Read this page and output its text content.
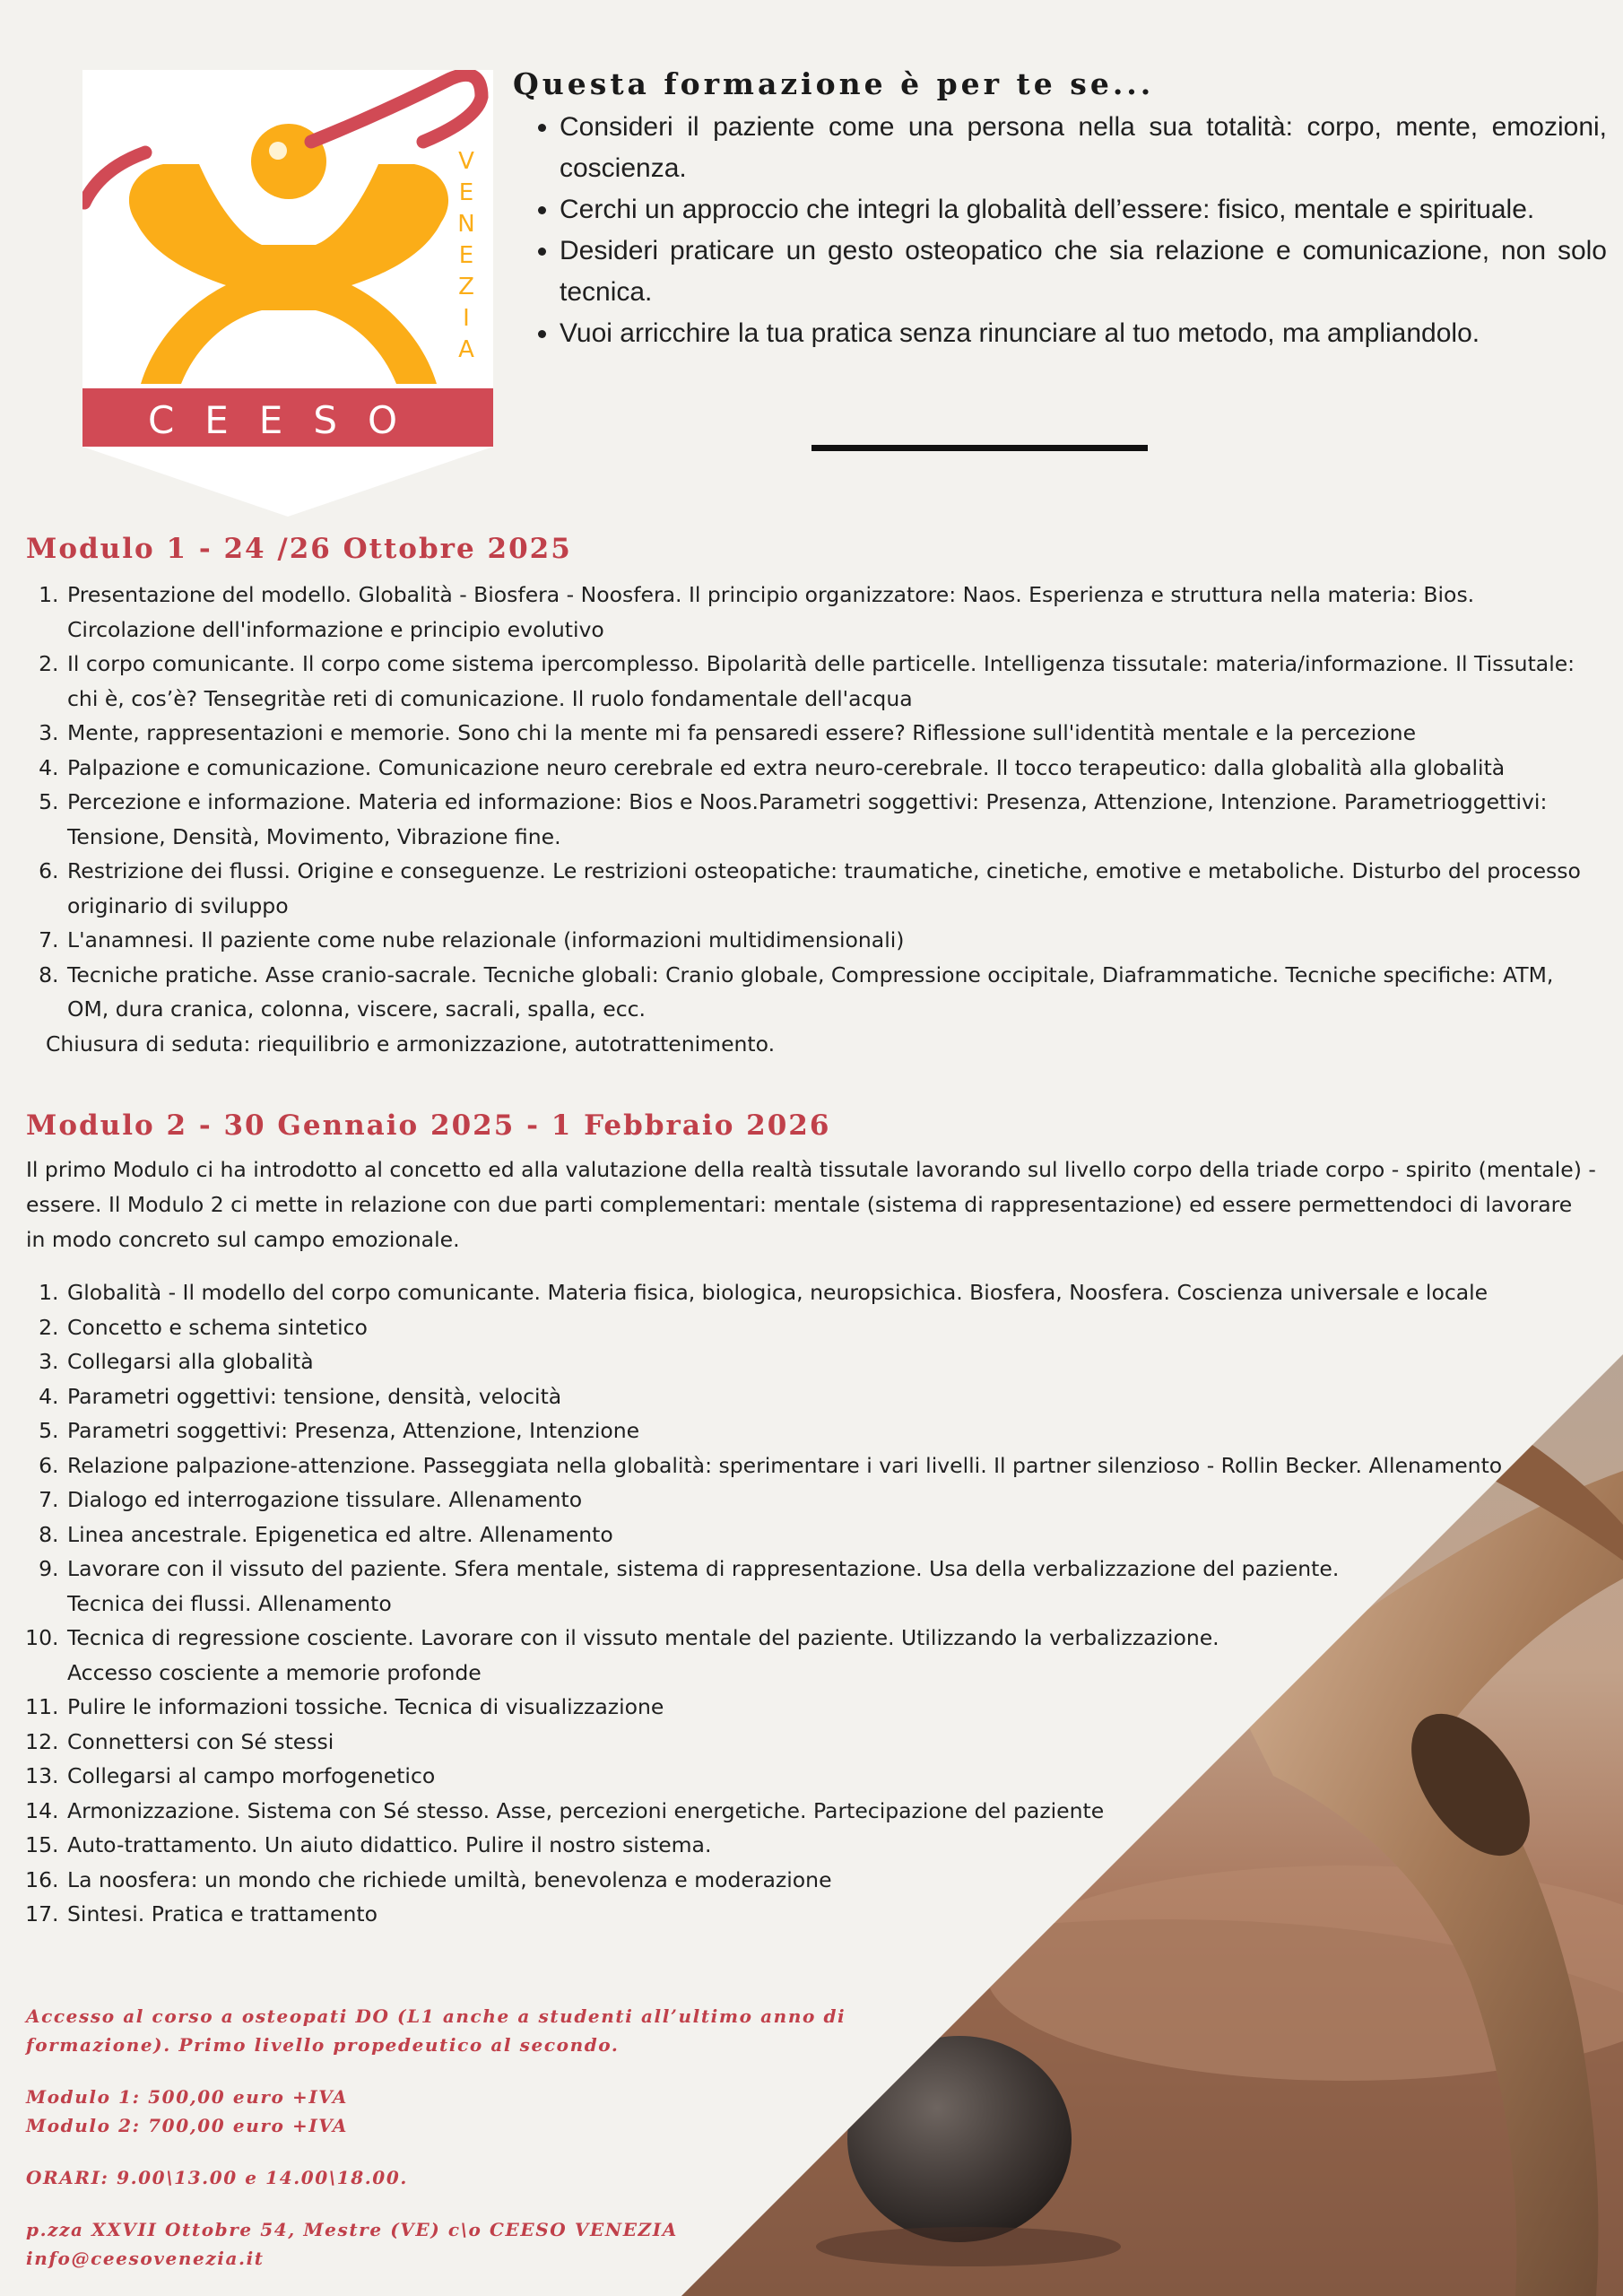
V
E
N
E
Z
I
A
CEESO
Questa formazione è per te se...
• Consideri il paziente come una persona nella sua totalità: corpo, mente, emozioni, coscienza.
• Cerchi un approccio che integri la globalità dell’essere: fisico, mentale e spirituale.
• Desideri praticare un gesto osteopatico che sia relazione e comunicazione, non solo tecnica.
• Vuoi arricchire la tua pratica senza rinunciare al tuo metodo, ma ampliandolo.
Modulo 1 - 24 /26 Ottobre 2025
1. Presentazione del modello. Globalità - Biosfera - Noosfera. Il principio organizzatore: Naos. Esperienza e struttura nella materia: Bios. Circolazione dell'informazione e principio evolutivo
2. Il corpo comunicante. Il corpo come sistema ipercomplesso. Bipolarità delle particelle. Intelligenza tissutale: materia/informazione. Il Tissutale: chi è, cos’è? Tensegritàe reti di comunicazione. Il ruolo fondamentale dell'acqua
3. Mente, rappresentazioni e memorie. Sono chi la mente mi fa pensaredi essere? Riflessione sull'identità mentale e la percezione
4. Palpazione e comunicazione. Comunicazione neuro cerebrale ed extra neuro-cerebrale. Il tocco terapeutico: dalla globalità alla globalità
5. Percezione e informazione. Materia ed informazione: Bios e Noos.Parametri soggettivi: Presenza, Attenzione, Intenzione. Parametrioggettivi: Tensione, Densità, Movimento, Vibrazione fine.
6. Restrizione dei flussi. Origine e conseguenze. Le restrizioni osteopatiche: traumatiche, cinetiche, emotive e metaboliche. Disturbo del processo originario di sviluppo
7. L'anamnesi. Il paziente come nube relazionale (informazioni multidimensionali)
8. Tecniche pratiche. Asse cranio-sacrale. Tecniche globali: Cranio globale, Compressione occipitale, Diaframmatiche. Tecniche specifiche: ATM, OM, dura cranica, colonna, viscere, sacrali, spalla, ecc.
Chiusura di seduta: riequilibrio e armonizzazione, autotrattenimento.
Modulo 2 - 30 Gennaio 2025 - 1 Febbraio 2026

Il primo Modulo ci ha introdotto al concetto ed alla valutazione della realtà tissutale lavorando sul livello corpo della triade corpo - spirito (mentale) - essere. Il Modulo 2 ci mette in relazione con due parti complementari: mentale (sistema di rappresentazione) ed essere permettendoci di lavorare in modo concreto sul campo emozionale.

1. Globalità - Il modello del corpo comunicante. Materia fisica, biologica, neuropsichica. Biosfera, Noosfera. Coscienza universale e locale
2. Concetto e schema sintetico
3. Collegarsi alla globalità
4. Parametri oggettivi: tensione, densità, velocità
5. Parametri soggettivi: Presenza, Attenzione, Intenzione
6. Relazione palpazione-attenzione. Passeggiata nella globalità: sperimentare i vari livelli. Il partner silenzioso - Rollin Becker. Allenamento
7. Dialogo ed interrogazione tissulare. Allenamento
8. Linea ancestrale. Epigenetica ed altre. Allenamento
9. Lavorare con il vissuto del paziente. Sfera mentale, sistema di rappresentazione. Usa della verbalizzazione del paziente.
Tecnica dei flussi. Allenamento
10. Tecnica di regressione cosciente. Lavorare con il vissuto mentale del paziente. Utilizzando la verbalizzazione.
Accesso cosciente a memorie profonde
11. Pulire le informazioni tossiche. Tecnica di visualizzazione
12. Connettersi con Sé stessi
13. Collegarsi al campo morfogenetico
14. Armonizzazione. Sistema con Sé stesso. Asse, percezioni energetiche. Partecipazione del paziente
15. Auto-trattamento. Un aiuto didattico. Pulire il nostro sistema.
16. La noosfera: un mondo che richiede umiltà, benevolenza e moderazione
17. Sintesi. Pratica e trattamento

Accesso al corso a osteopati DO (L1 anche a studenti all’ultimo anno di
formazione). Primo livello propedeutico al secondo.

Modulo 1: 500,00 euro +IVA
Modulo 2: 700,00 euro +IVA

ORARI: 9.00\13.00 e 14.00\18.00.

p.zza XXVII Ottobre 54, Mestre (VE) c\o CEESO VENEZIA
info@ceesovenezia.it
